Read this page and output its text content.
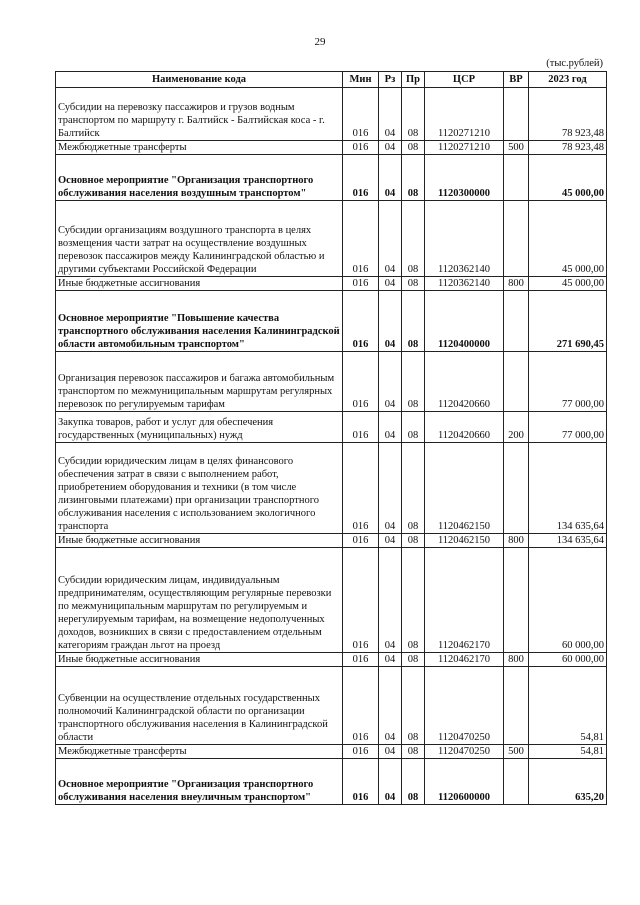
29
(тыс.рублей)
Наименование кода	Мин	Рз	Пр	ЦСР	ВР	2023 год
Субсидии на перевозку пассажиров и грузов водным транспортом по маршруту г. Балтийск - Балтийская коса - г. Балтийск	016	04	08	1120271210		78 923,48
Межбюджетные трансферты	016	04	08	1120271210	500	78 923,48
Основное мероприятие "Организация транспортного обслуживания населения воздушным транспортом"	016	04	08	1120300000		45 000,00
Субсидии организациям воздушного транспорта в целях возмещения части затрат на осуществление воздушных перевозок пассажиров между Калининградской областью и другими субъектами Российской Федерации	016	04	08	1120362140		45 000,00
Иные бюджетные ассигнования	016	04	08	1120362140	800	45 000,00
Основное мероприятие "Повышение качества транспортного обслуживания населения Калининградской области автомобильным транспортом"	016	04	08	1120400000		271 690,45
Организация перевозок пассажиров и багажа автомобильным транспортом по межмуниципальным маршрутам регулярных перевозок по регулируемым тарифам	016	04	08	1120420660		77 000,00
Закупка товаров, работ и услуг для обеспечения государственных (муниципальных) нужд	016	04	08	1120420660	200	77 000,00
Субсидии юридическим лицам в целях финансового обеспечения затрат в связи с выполнением работ, приобретением оборудования и техники (в том числе лизинговыми платежами) при организации транспортного обслуживания населения с использованием экологичного транспорта	016	04	08	1120462150		134 635,64
Иные бюджетные ассигнования	016	04	08	1120462150	800	134 635,64
Субсидии юридическим лицам, индивидуальным предпринимателям, осуществляющим регулярные перевозки по межмуниципальным маршрутам по регулируемым и нерегулируемым тарифам, на возмещение недополученных доходов, возникших в связи с предоставлением отдельным категориям граждан льгот на проезд	016	04	08	1120462170		60 000,00
Иные бюджетные ассигнования	016	04	08	1120462170	800	60 000,00
Субвенции на осуществление отдельных государственных полномочий Калининградской области по организации транспортного обслуживания населения в Калининградской области	016	04	08	1120470250		54,81
Межбюджетные трансферты	016	04	08	1120470250	500	54,81
Основное мероприятие "Организация транспортного обслуживания населения внеуличным транспортом"	016	04	08	1120600000		635,20
